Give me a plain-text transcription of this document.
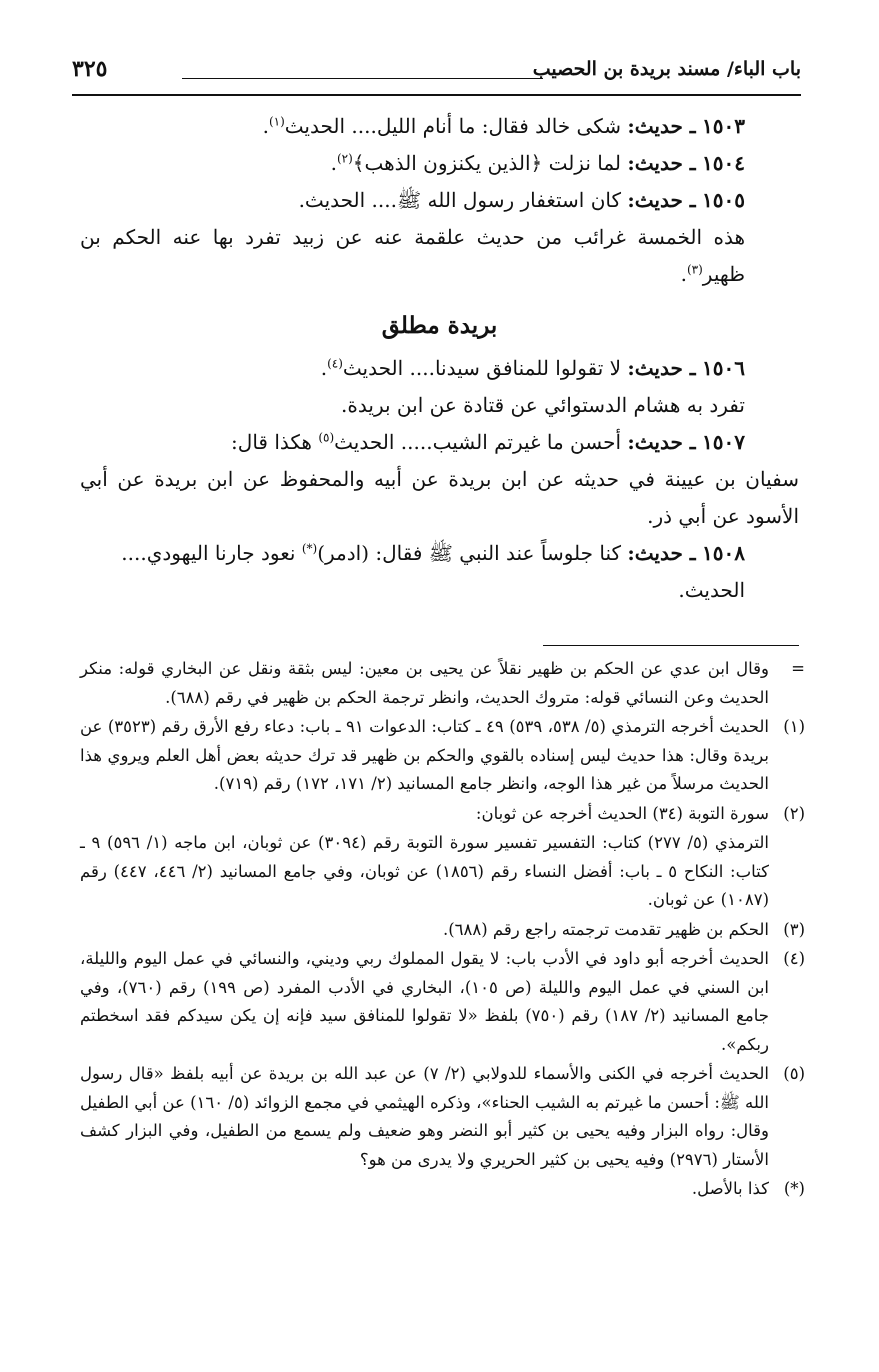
باب الباء/ مسند بريدة بن الحصيب
٣٢٥
١٥٠٣ ـ حديث: شكى خالد فقال: ما أنام الليل.... الحديث$^{(١)}$.
١٥٠٤ ـ حديث: لما نزلت ﴿الذين يكنزون الذهب﴾$^{(٢)}$.
١٥٠٥ ـ حديث: كان استغفار رسول الله ﷺ.... الحديث.
هذه الخمسة غرائب من حديث علقمة عنه عن زبيد تفرد بها عنه الحكم بن ظهير$^{(٣)}$.
بريدة مطلق
١٥٠٦ ـ حديث: لا تقولوا للمنافق سيدنا.... الحديث$^{(٤)}$.
تفرد به هشام الدستوائي عن قتادة عن ابن بريدة.
١٥٠٧ ـ حديث: أحسن ما غيرتم الشيب..... الحديث$^{(٥)}$ هكذا قال:
سفيان بن عيينة في حديثه عن ابن بريدة عن أبيه والمحفوظ عن ابن بريدة عن أبي الأسود عن أبي ذر.
١٥٠٨ ـ حديث: كنا جلوساً عند النبي ﷺ فقال: (ادمر)(*) نعود جارنا اليهودي.... الحديث.
=
وقال ابن عدي عن الحكم بن ظهير نقلاً عن يحيى بن معين: ليس بثقة ونقل عن البخاري قوله: منكر الحديث وعن النسائي قوله: متروك الحديث، وانظر ترجمة الحكم بن ظهير في رقم (٦٨٨).
(١)
الحديث أخرجه الترمذي (٥/ ٥٣٨، ٥٣٩) ٤٩ ـ كتاب: الدعوات ٩١ ـ باب: دعاء رفع الأرق رقم (٣٥٢٣) عن بريدة وقال: هذا حديث ليس إسناده بالقوي والحكم بن ظهير قد ترك حديثه بعض أهل العلم ويروي هذا الحديث مرسلاً من غير هذا الوجه، وانظر جامع المسانيد (٢/ ١٧١، ١٧٢) رقم (٧١٩).
(٢)
سورة التوبة (٣٤) الحديث أخرجه عن ثوبان:
الترمذي (٥/ ٢٧٧) كتاب: التفسير تفسير سورة التوبة رقم (٣٠٩٤) عن ثوبان، ابن ماجه (١/ ٥٩٦) ٩ ـ كتاب: النكاح ٥ ـ باب: أفضل النساء رقم (١٨٥٦) عن ثوبان، وفي جامع المسانيد (٢/ ٤٤٦، ٤٤٧) رقم (١٠٨٧) عن ثوبان.
(٣)
الحكم بن ظهير تقدمت ترجمته راجع رقم (٦٨٨).
(٤)
الحديث أخرجه أبو داود في الأدب باب: لا يقول المملوك ربي وديني، والنسائي في عمل اليوم والليلة، ابن السني في عمل اليوم والليلة (ص ١٠٥)، البخاري في الأدب المفرد (ص ١٩٩) رقم (٧٦٠)، وفي جامع المسانيد (٢/ ١٨٧) رقم (٧٥٠) بلفظ «لا تقولوا للمنافق سيد فإنه إن يكن سيدكم فقد اسخطتم ربكم».
(٥)
الحديث أخرجه في الكنى والأسماء للدولابي (٢/ ٧) عن عبد الله بن بريدة عن أبيه بلفظ «قال رسول الله ﷺ: أحسن ما غيرتم به الشيب الحناء»، وذكره الهيثمي في مجمع الزوائد (٥/ ١٦٠) عن أبي الطفيل وقال: رواه البزار وفيه يحيى بن كثير أبو النضر وهو ضعيف ولم يسمع من الطفيل، وفي البزار كشف الأستار (٢٩٧٦) وفيه يحيى بن كثير الحريري ولا يدرى من هو؟
(*)
كذا بالأصل.
